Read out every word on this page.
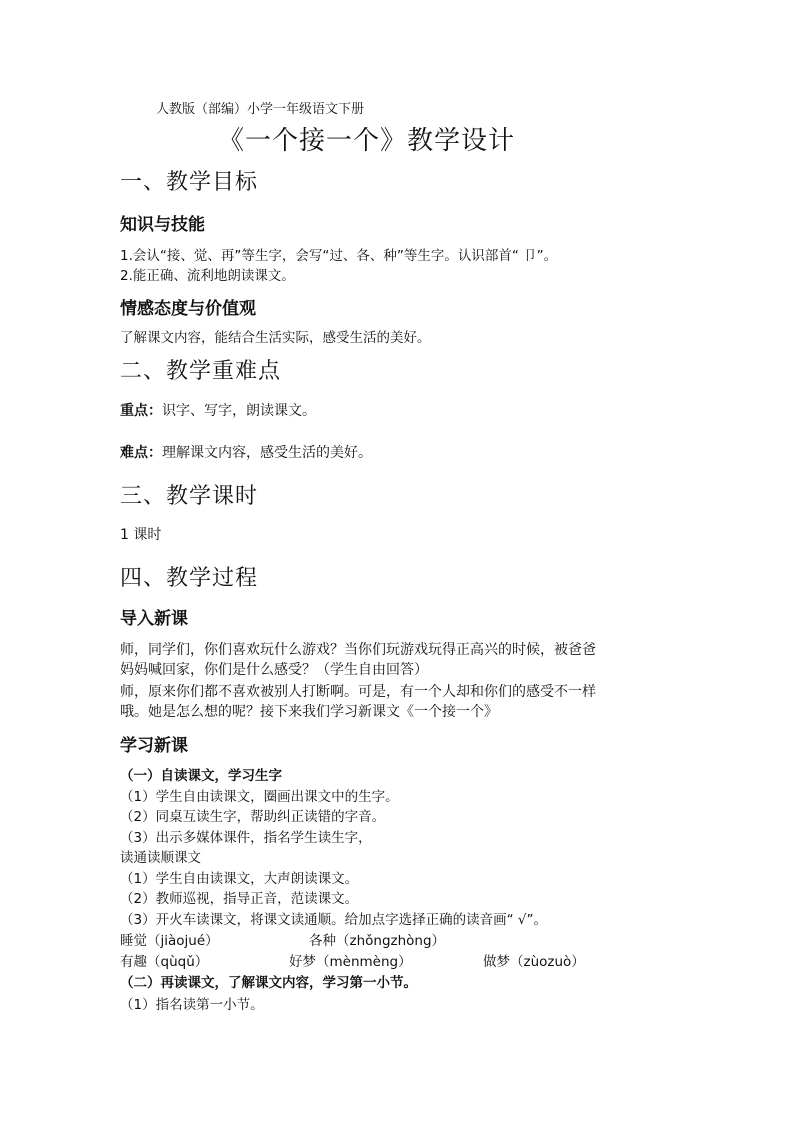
人教版（部编）小学一年级语文下册
《一个接一个》教学设计
一、教学目标
知识与技能
1.会认“接、觉、再”等生字，会写“过、各、种”等生字。认识部首“ 卩”。
2.能正确、流利地朗读课文。
情感态度与价值观
了解课文内容，能结合生活实际，感受生活的美好。
二、教学重难点
重点：识字、写字，朗读课文。
难点：理解课文内容，感受生活的美好。
三、教学课时
1 课时
四、教学过程
导入新课
师，同学们，你们喜欢玩什么游戏？当你们玩游戏玩得正高兴的时候，被爸爸
妈妈喊回家，你们是什么感受？（学生自由回答）
师，原来你们都不喜欢被别人打断啊。可是，有一个人却和你们的感受不一样
哦。她是怎么想的呢？接下来我们学习新课文《一个接一个》
学习新课
（一）自读课文，学习生字
（1）学生自由读课文，圈画出课文中的生字。
（2）同桌互读生字，帮助纠正读错的字音。
（3）出示多媒体课件，指名学生读生字，
读通读顺课文
（1）学生自由读课文，大声朗读课文。
（2）教师巡视，指导正音，范读课文。
（3）开火车读课文，将课文读通顺。给加点字选择正确的读音画“ √”。
睡觉（jiàojué）	各种（zhǒngzhòng）
有趣（qùqǔ）	好梦（mènmèng）	做梦（zùozuò）
（二）再读课文，了解课文内容，学习第一小节。
（1）指名读第一小节。
